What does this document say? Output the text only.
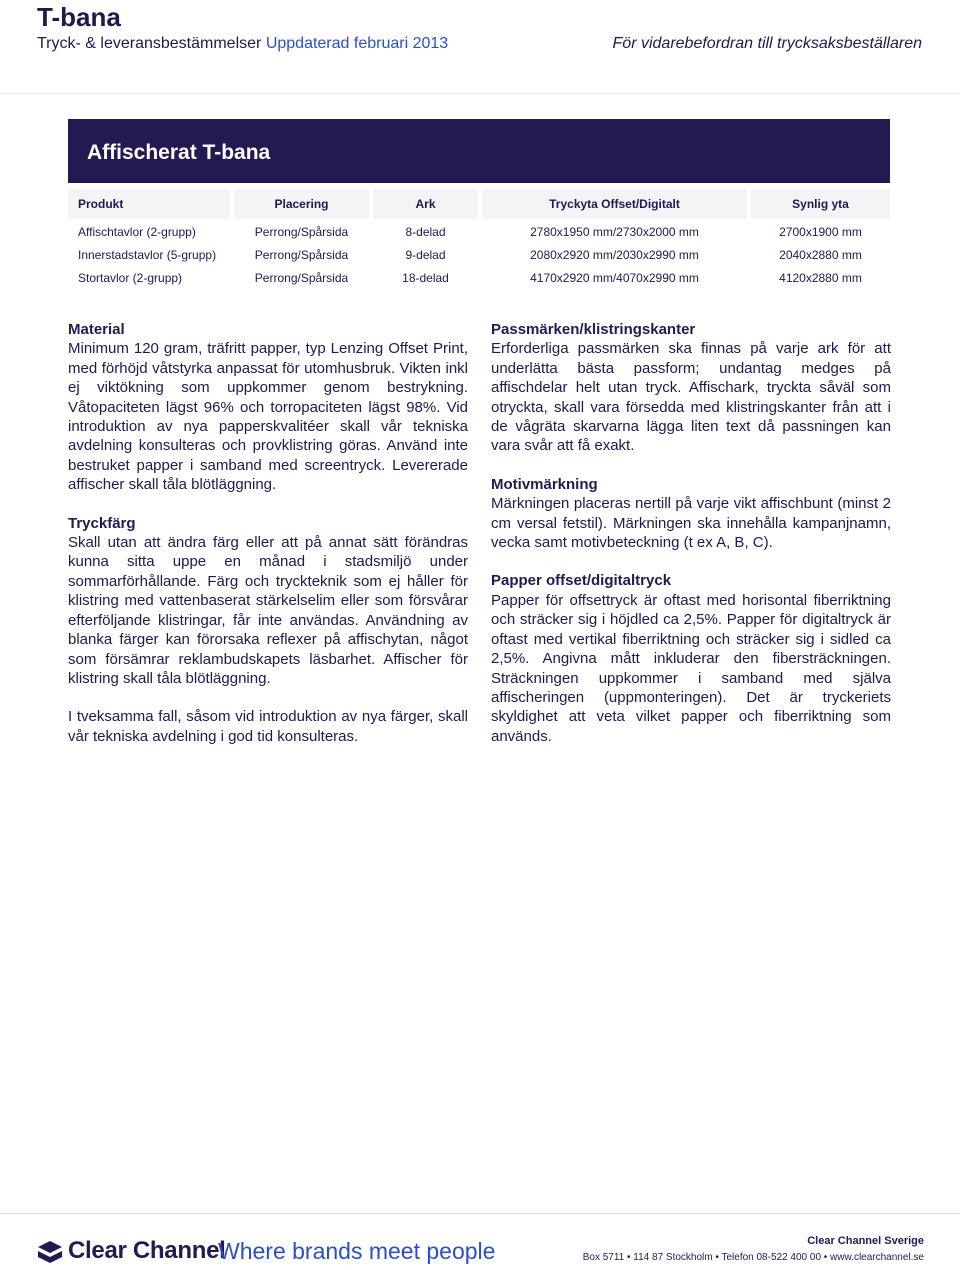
T-bana
Tryck- & leveransbestämmelser Uppdaterad februari 2013	För vidarebefordran till trycksaksbeställaren
Affischerat T-bana
Produkt	Placering	Ark	Tryckyta Offset/Digitalt	Synlig yta
Affischtavlor (2-grupp)	Perrong/Spårsida	8-delad	2780x1950 mm/2730x2000 mm	2700x1900 mm
Innerstadstavlor (5-grupp)	Perrong/Spårsida	9-delad	2080x2920 mm/2030x2990 mm	2040x2880 mm
Stortavlor (2-grupp)	Perrong/Spårsida	18-delad	4170x2920 mm/4070x2990 mm	4120x2880 mm
Material

Minimum 120 gram, träfritt papper, typ Lenzing Offset Print, med förhöjd våtstyrka anpassat för utomhusbruk. Vikten inkl ej viktökning som uppkommer genom bestrykning. Våtopaciteten lägst 96% och torropaciteten lägst 98%. Vid introduktion av nya papperskvalitéer skall vår tekniska avdelning konsulteras och provklistring göras. Använd inte bestruket papper i samband med screentryck. Levererade affischer skall tåla blötläggning.

Tryckfärg

Skall utan att ändra färg eller att på annat sätt förändras kunna sitta uppe en månad i stadsmiljö under sommarförhållande. Färg och tryckteknik som ej håller för klistring med vattenbaserat stärkelselim eller som försvårar efterföljande klistringar, får inte användas. Användning av blanka färger kan förorsaka reflexer på affischytan, något som försämrar reklambudskapets läsbarhet. Affischer för klistring skall tåla blötläggning.

I tveksamma fall, såsom vid introduktion av nya färger, skall vår tekniska avdelning i god tid konsulteras.

Passmärken/klistringskanter

Erforderliga passmärken ska finnas på varje ark för att underlätta bästa passform; undantag medges på affischdelar helt utan tryck. Affischark, tryckta såväl som otryckta, skall vara försedda med klistringskanter från att i de vågräta skarvarna lägga liten text då passningen kan vara svår att få exakt.

Motivmärkning

Märkningen placeras nertill på varje vikt affischbunt (minst 2 cm versal fetstil). Märkningen ska innehålla kampanjnamn, vecka samt motivbeteckning (t ex A, B, C).

Papper offset/digitaltryck

Papper för offsettryck är oftast med horisontal fiberriktning och sträcker sig i höjdled ca 2,5%. Papper för digitaltryck är oftast med vertikal fiberriktning och sträcker sig i sidled ca 2,5%. Angivna mått inkluderar den fibersträckningen. Sträckningen uppkommer i samband med själva affischeringen (uppmonteringen). Det är tryckeriets skyldighet att veta vilket papper och fiberriktning som används.

Clear Channel
Where brands meet people	Clear Channel Sverige
Box 5711 • 114 87 Stockholm • Telefon 08-522 400 00 • www.clearchannel.se
